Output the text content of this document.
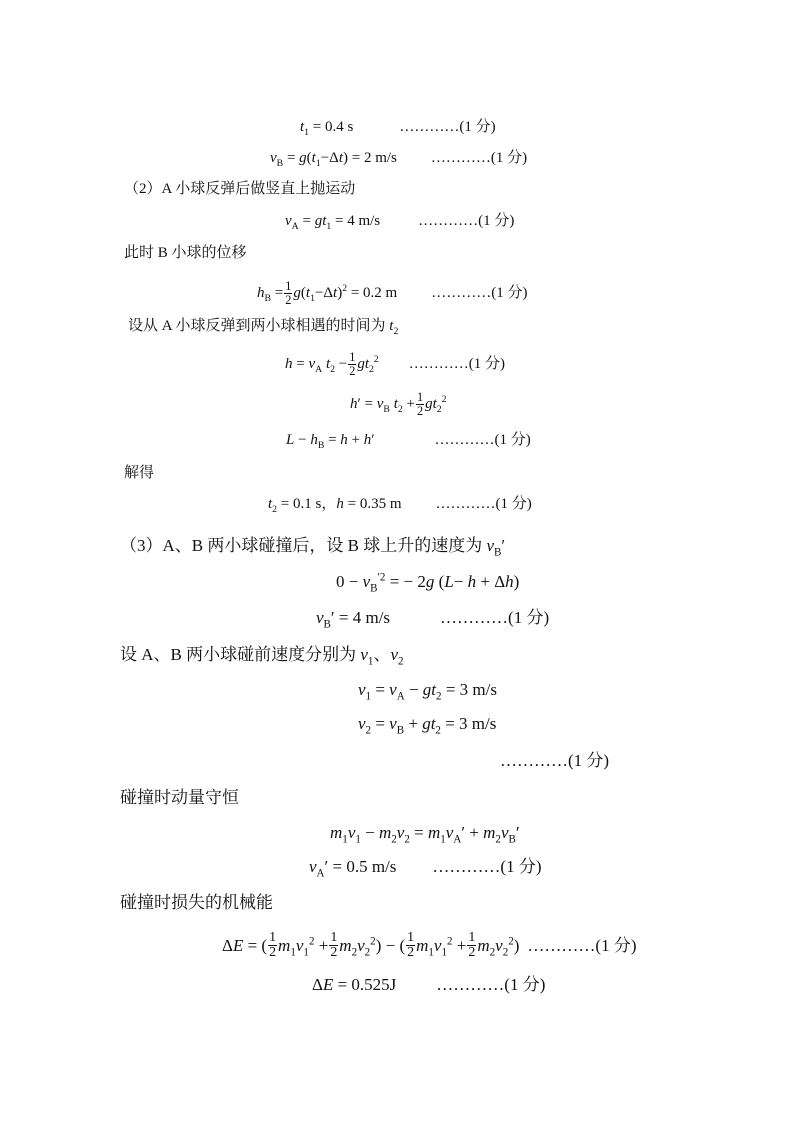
$t_1 = 0.4$ s	…………(1 分)
$v_B = g(t_1-\Delta t) = 2$ m/s …………(1 分)
（2）A 小球反弹后做竖直上抛运动
$v_A = gt_1 = 4$ m/s	…………(1 分)
此时 B 小球的位移
$h_B = \frac{1}{2} g(t_1-\Delta t)^2 = 0.2$ m …………(1 分)
设从 A 小球反弹到两小球相遇的时间为 $t_2$
$h = v_A$ $t_2 - \frac{1}{2} gt_2^2$ …………(1 分)
$h' = v_B$ $t_2 + \frac{1}{2} gt_2^2$
$L - h_B = h + h'$	…………(1 分)
解得
$t_2 = 0.1$ s，h = 0.35 m …………(1 分)
（3）A、B 两小球碰撞后，设 B 球上升的速度为 $v_B'$
$0 - v_B^{'2}$ = − 2g (L− h + Δh)
$v_B' = 4$ m/s	…………(1 分)
设 A、B 两小球碰前速度分别为 $v_1$、$v_2$
$v_1 = v_A - gt_2 = 3$ m/s
$v_2 = v_B + gt_2 = 3$ m/s
…………(1 分)
碰撞时动量守恒
$m_1v_1 - m_2v_2 = m_1v_A' + m_2v_B'$
$v_A' = 0.5$ m/s …………(1 分)
碰撞时损失的机械能
ΔE = ( $\frac{1}{2} m_1v_1^2 + \frac{1}{2} m_2v_2^2$) − ( $\frac{1}{2} m_1v_1^2 + \frac{1}{2} m_2v_2^2$) …………(1 分)
ΔE = 0.525J …………(1 分)
